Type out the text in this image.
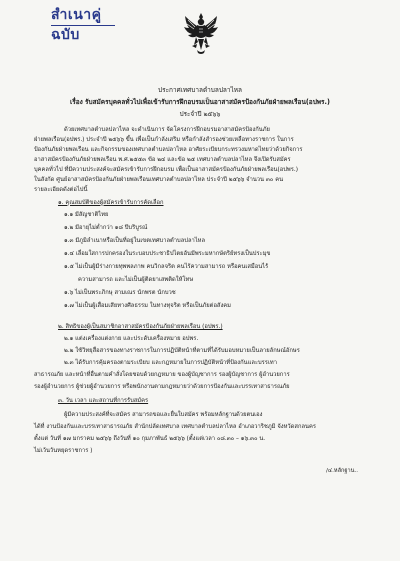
สำเนาคู่ฉบับ
ประกาศเทศบาลตำบลปลาไหล
เรื่อง รับสมัครบุคคลทั่วไปเพื่อเข้ารับการฝึกอบรมเป็นอาสาสมัครป้องกันภัยฝ่ายพลเรือน(อปพร.)
ประจำปี ๒๕๖๖
ด้วยเทศบาลตำบลปลาไหล จะดำเนินการ จัดโครงการฝึกอบรมอาสาสมัครป้องกันภัย
ฝ่ายพลเรือน(อปพร.) ประจำปี ๒๕๖๖ ขึ้น เพื่อเป็นกำลังเสริม หรือกำลังสำรองช่วยเหลือทางราชการ ในการ
ป้องกันภัยฝ่ายพลเรือน และกิจกรรมของเทศบาลตำบลปลาไหล อาศัยระเบียบกระทรวงมหาดไทยว่าด้วยกิจการ
อาสาสมัครป้องกันภัยฝ่ายพลเรือน พ.ศ.๒๕๕๓ ข้อ ๒๔ และข้อ ๒๕ เทศบาลตำบลปลาไหล จึงเปิดรับสมัคร
บุคคลทั่วไป ที่มีความประสงค์จะสมัครเข้ารับการฝึกอบรม เพื่อเป็นอาสาสมัครป้องกันภัยฝ่ายพลเรือน(อปพร.)
ในสังกัด ศูนย์อาสาสมัครป้องกันภัยฝ่ายพลเรือนเทศบาลตำบลปลาไหล ประจำปี ๒๕๖๖ จำนวน ๓๐ คน
รายละเอียดดังต่อไปนี้
๑. คุณสมบัติของผู้สมัครเข้ารับการคัดเลือก
๑.๑ มีสัญชาติไทย
๑.๒ มีอายุไม่ต่ำกว่า ๑๘ ปีบริบูรณ์
๑.๓ มีภูมิลำเนาหรือเป็นที่อยู่ในเขตเทศบาลตำบลปลาไหล
๑.๔ เลื่อมใสการปกครองในระบอบประชาธิปไตยอันมีพระมหากษัตริย์ทรงเป็นประมุข
๑.๕ ไม่เป็นผู้มีร่างกายทุพพลภาพ คนวิกลจริต คนไร้ความสามารถ หรือคนเสมือนไร้
ความสามารถ และไม่เป็นผู้ติดยาเสพติดให้โทษ
๑.๖ ไม่เป็นพระภิกษุ สามเณร นักพรต นักบวช
๑.๗ ไม่เป็นผู้เสื่อมเสียทางศีลธรรม ในทางทุจริต หรือเป็นภัยต่อสังคม
๒. สิทธิของผู้เป็นสมาชิกอาสาสมัครป้องกันภัยฝ่ายพลเรือน (อปพร.)
๒.๑ แต่งเครื่องแต่งกาย และประดับเครื่องหมาย อปพร.
๒.๒ ใช้วิทยุสื่อสารของทางราชการในการปฏิบัติหน้าที่ตามที่ได้รับมอบหมายเป็นลายลักษณ์อักษร
๒.๓ ได้รับการคุ้มครองตามระเบียบ และกฎหมายในการปฏิบัติหน้าที่ป้องกันและบรรเทา
สาธารณภัย และหน้าที่อื่นตามคำสั่งโดยชอบด้วยกฎหมาย ของผู้บัญชาการ รองผู้บัญชาการ ผู้อำนวยการ
รองผู้อำนวยการ ผู้ช่วยผู้อำนวยการ หรือพนักงานตามกฎหมายว่าด้วยการป้องกันและบรรเทาสาธารณภัย
๓. วัน เวลา และสถานที่การรับสมัคร
ผู้มีความประสงค์ที่จะสมัคร สามารถขอและยื่นใบสมัคร พร้อมหลักฐานด้วยตนเอง
ได้ที่ งานป้องกันและบรรเทาสาธารณภัย สำนักปลัดเทศบาล เทศบาลตำบลปลาไหล อำเภอวาริชภูมิ จังหวัดสกลนคร
ตั้งแต่ วันที่ ๑๗ มกราคม ๒๕๖๖ ถึงวันที่ ๑๐ กุมภาพันธ์ ๒๕๖๖ (ตั้งแต่เวลา ๐๘.๓๐ – ๑๖.๓๐ น.
ไม่เว้นวันหยุดราชการ )
/๔.หลักฐาน..
